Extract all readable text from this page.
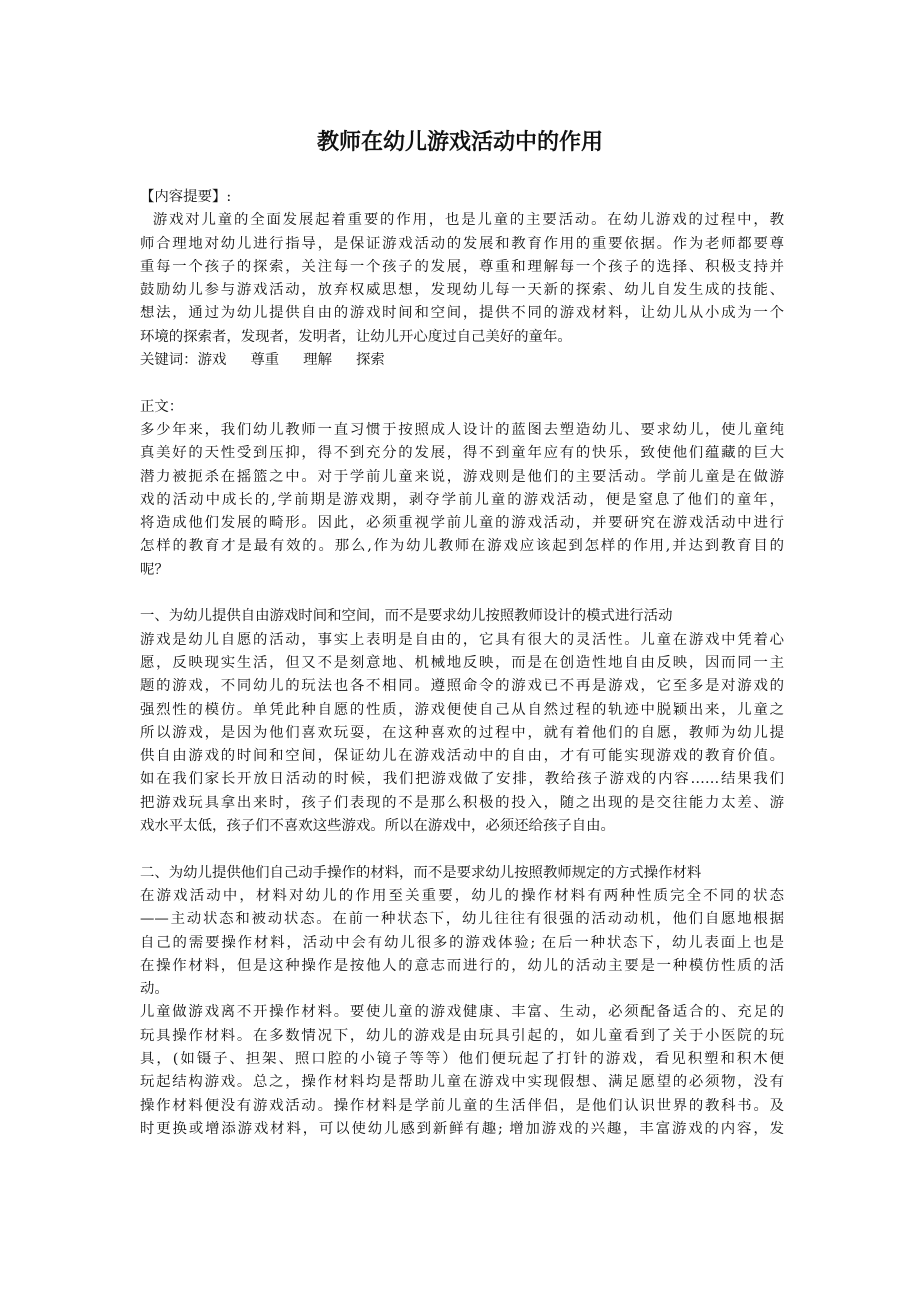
教师在幼儿游戏活动中的作用
【内容提要】:
游戏对儿童的全面发展起着重要的作用，也是儿童的主要活动。在幼儿游戏的过程中，教
师合理地对幼儿进行指导，是保证游戏活动的发展和教育作用的重要依据。作为老师都要尊
重每一个孩子的探索，关注每一个孩子的发展，尊重和理解每一个孩子的选择、积极支持并
鼓励幼儿参与游戏活动，放弃权威思想，发现幼儿每一天新的探索、幼儿自发生成的技能、
想法，通过为幼儿提供自由的游戏时间和空间，提供不同的游戏材料，让幼儿从小成为一个
环境的探索者，发现者，发明者，让幼儿开心度过自己美好的童年。
关键词：游戏 尊重 理解 探索
正文：
多少年来，我们幼儿教师一直习惯于按照成人设计的蓝图去塑造幼儿、要求幼儿，使儿童纯
真美好的天性受到压抑，得不到充分的发展，得不到童年应有的快乐，致使他们蕴藏的巨大
潜力被扼杀在摇篮之中。对于学前儿童来说，游戏则是他们的主要活动。学前儿童是在做游
戏的活动中成长的,学前期是游戏期，剥夺学前儿童的游戏活动，便是窒息了他们的童年，
将造成他们发展的畸形。因此，必须重视学前儿童的游戏活动，并要研究在游戏活动中进行
怎样的教育才是最有效的。那么,作为幼儿教师在游戏应该起到怎样的作用,并达到教育目的
呢？
一、为幼儿提供自由游戏时间和空间，而不是要求幼儿按照教师设计的模式进行活动
游戏是幼儿自愿的活动，事实上表明是自由的，它具有很大的灵活性。儿童在游戏中凭着心
愿，反映现实生活，但又不是刻意地、机械地反映，而是在创造性地自由反映，因而同一主
题的游戏，不同幼儿的玩法也各不相同。遵照命令的游戏已不再是游戏，它至多是对游戏的
强烈性的模仿。单凭此种自愿的性质，游戏便使自己从自然过程的轨迹中脱颖出来，儿童之
所以游戏，是因为他们喜欢玩耍，在这种喜欢的过程中，就有着他们的自愿，教师为幼儿提
供自由游戏的时间和空间，保证幼儿在游戏活动中的自由，才有可能实现游戏的教育价值。
如在我们家长开放日活动的时候，我们把游戏做了安排，教给孩子游戏的内容……结果我们
把游戏玩具拿出来时，孩子们表现的不是那么积极的投入，随之出现的是交往能力太差、游
戏水平太低，孩子们不喜欢这些游戏。所以在游戏中，必须还给孩子自由。
二、为幼儿提供他们自己动手操作的材料，而不是要求幼儿按照教师规定的方式操作材料
在游戏活动中，材料对幼儿的作用至关重要，幼儿的操作材料有两种性质完全不同的状态
——主动状态和被动状态。在前一种状态下，幼儿往往有很强的活动动机，他们自愿地根据
自己的需要操作材料，活动中会有幼儿很多的游戏体验; 在后一种状态下，幼儿表面上也是
在操作材料，但是这种操作是按他人的意志而进行的，幼儿的活动主要是一种模仿性质的活
动。
儿童做游戏离不开操作材料。要使儿童的游戏健康、丰富、生动，必须配备适合的、充足的
玩具操作材料。在多数情况下，幼儿的游戏是由玩具引起的，如儿童看到了关于小医院的玩
具，(如镊子、担架、照口腔的小镜子等等）他们便玩起了打针的游戏，看见积塑和积木便
玩起结构游戏。总之，操作材料均是帮助儿童在游戏中实现假想、满足愿望的必须物，没有
操作材料便没有游戏活动。操作材料是学前儿童的生活伴侣，是他们认识世界的教科书。及
时更换或增添游戏材料，可以使幼儿感到新鲜有趣; 增加游戏的兴趣，丰富游戏的内容，发
